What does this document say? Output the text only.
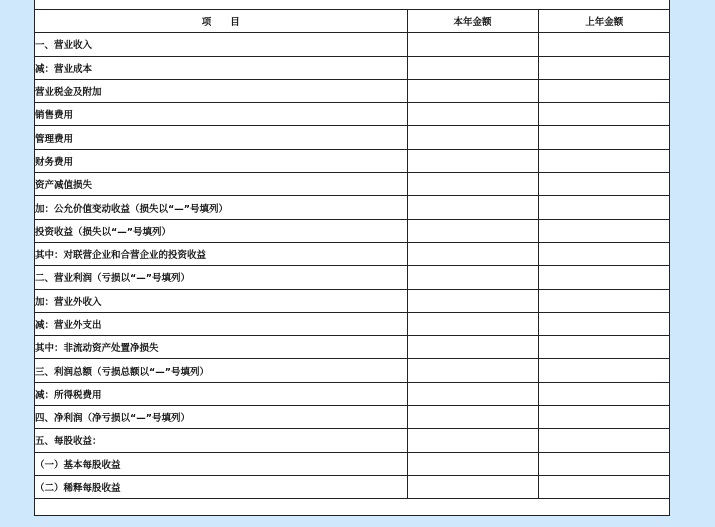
项　　目	本年金额	上年金额
一、营业收入		
减：营业成本		
营业税金及附加		
销售费用		
管理费用		
财务费用		
资产减值损失		
加：公允价值变动收益（损失以“—”号填列）		
投资收益（损失以“—”号填列）		
其中：对联营企业和合营企业的投资收益		
二、营业利润（亏损以“—”号填列）		
加：营业外收入		
减：营业外支出		
其中：非流动资产处置净损失		
三、利润总额（亏损总额以“—”号填列）		
减：所得税费用		
四、净利润（净亏损以“—”号填列）		
五、每股收益：		
（一）基本每股收益		
（二）稀释每股收益		
